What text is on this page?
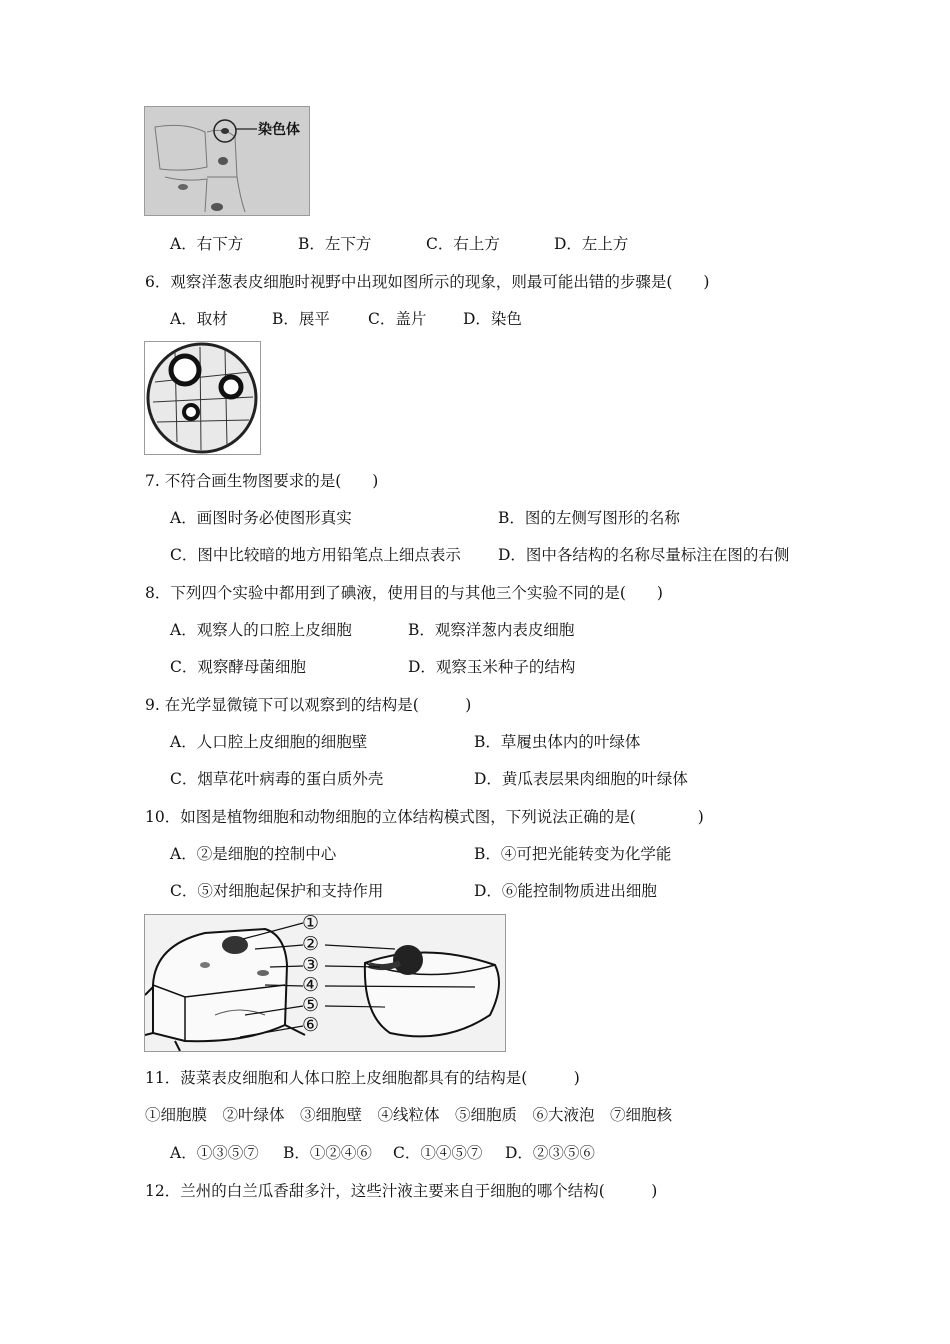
染色体
A．右下方	B．左下方	C．右上方	D．左上方
6．观察洋葱表皮细胞时视野中出现如图所示的现象，则最可能出错的步骤是(　　)
A．取材	B．展平 C．盖片 D．染色
7. 不符合画生物图要求的是(　　)
A．画图时务必使图形真实	B．图的左侧写图形的名称
C．图中比较暗的地方用铅笔点上细点表示 D．图中各结构的名称尽量标注在图的右侧
8．下列四个实验中都用到了碘液，使用目的与其他三个实验不同的是(　　)
A．观察人的口腔上皮细胞	B．观察洋葱内表皮细胞
C．观察酵母菌细胞	D．观察玉米种子的结构
9. 在光学显微镜下可以观察到的结构是(　　　)
A．人口腔上皮细胞的细胞壁	B．草履虫体内的叶绿体
C．烟草花叶病毒的蛋白质外壳	D．黄瓜表层果肉细胞的叶绿体
10．如图是植物细胞和动物细胞的立体结构模式图，下列说法正确的是(　　　　)
A．②是细胞的控制中心	B．④可把光能转变为化学能
C．⑤对细胞起保护和支持作用	D．⑥能控制物质进出细胞
①
②
③
④
⑤
⑥
11．菠菜表皮细胞和人体口腔上皮细胞都具有的结构是(　　　)
①细胞膜　②叶绿体　③细胞壁　④线粒体　⑤细胞质　⑥大液泡　⑦细胞核
A．①③⑤⑦ B．①②④⑥ C．①④⑤⑦ D．②③⑤⑥
12．兰州的白兰瓜香甜多汁，这些汁液主要来自于细胞的哪个结构(　　　)
